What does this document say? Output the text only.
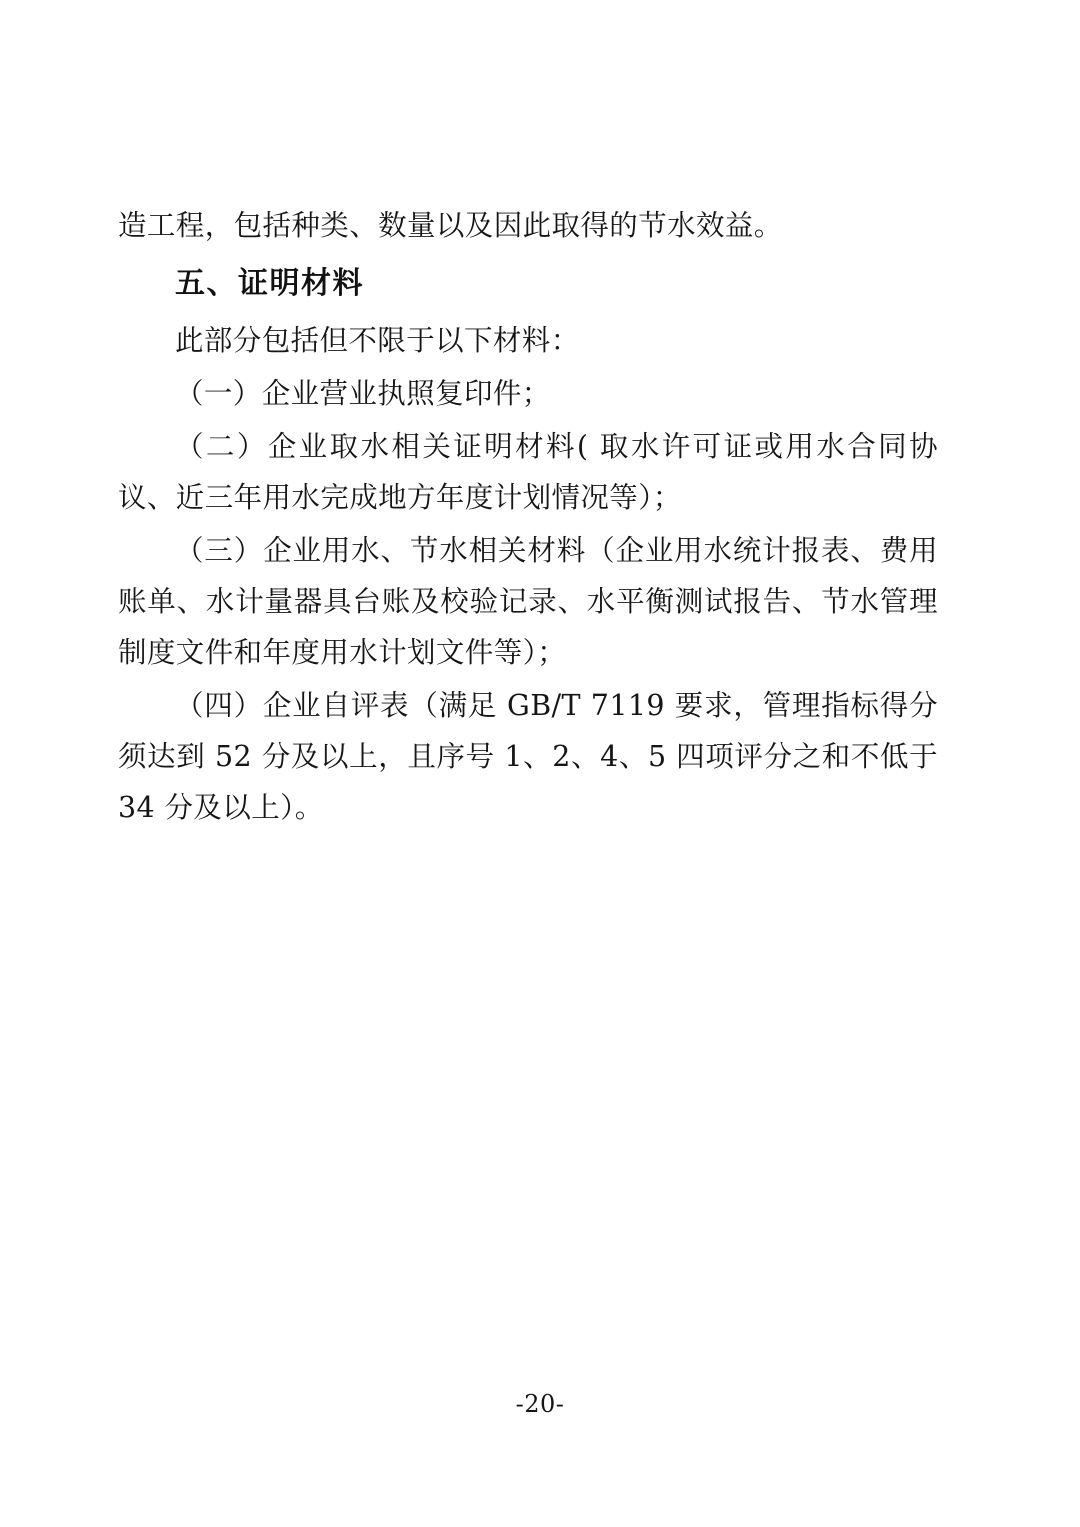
造工程，包括种类、数量以及因此取得的节水效益。

五、证明材料

此部分包括但不限于以下材料：

（一）企业营业执照复印件；

（二）企业取水相关证明材料( 取水许可证或用水合同协议、近三年用水完成地方年度计划情况等）；

（三）企业用水、节水相关材料（企业用水统计报表、费用账单、水计量器具台账及校验记录、水平衡测试报告、节水管理制度文件和年度用水计划文件等）；

（四）企业自评表（满足 GB/T 7119 要求，管理指标得分须达到 52 分及以上，且序号 1、2、4、5 四项评分之和不低于 34 分及以上）。

-20-
